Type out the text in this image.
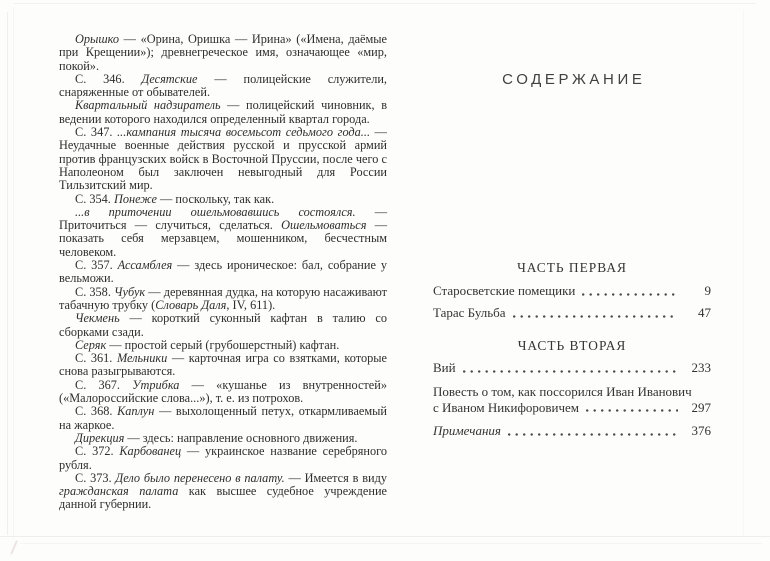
Орышко — «Орина, Оришка — Ирина» («Имена, даёмые при Крещении»); древнегреческое имя, означающее «мир, покой».

С. 346. Десятские — полицейские служители, снаряженные от обывателей.

Квартальный надзиратель — полицейский чиновник, в ведении которого находился определенный квартал города.

С. 347. ...кампания тысяча восемьсот седьмого года... — Неудачные военные действия русской и прусской армий против французских войск в Восточной Пруссии, после чего с Наполеоном был заключен невыгодный для России Тильзитский мир.

С. 354. Понеже — поскольку, так как.

...в приточении ошельмовавшись состоялся. — Приточиться — случиться, сделаться. Ошельмоваться — показать себя мерзавцем, мошенником, бесчестным человеком.

С. 357. Ассамблея — здесь ироническое: бал, собрание у вельможи.

С. 358. Чубук — деревянная дудка, на которую насаживают табачную трубку (Словарь Даля, IV, 611).

Чекмень — короткий суконный кафтан в талию со сборками сзади.

Серяк — простой серый (грубошерстный) кафтан.

С. 361. Мельники — карточная игра со взятками, которые снова разыгрываются.

С. 367. Утрибка — «кушанье из внутренностей» («Малороссийские слова...»), т. е. из потрохов.

С. 368. Каплун — выхолощенный петух, откармливаемый на жаркое.

Дирекция — здесь: направление основного движения.

С. 372. Карбованец — украинское название серебряного рубля.

С. 373. Дело было перенесено в палату. — Имеется в виду гражданская палата как высшее судебное учреждение данной губернии.

СОДЕРЖАНИЕ
ЧАСТЬ ПЕРВАЯ
Старосветские помещики	9
Тарас Бульба	47
ЧАСТЬ ВТОРАЯ
Вий	233
Повесть о том, как поссорился Иван Иванович
с Иваном Никифоровичем	297
Примечания	376
